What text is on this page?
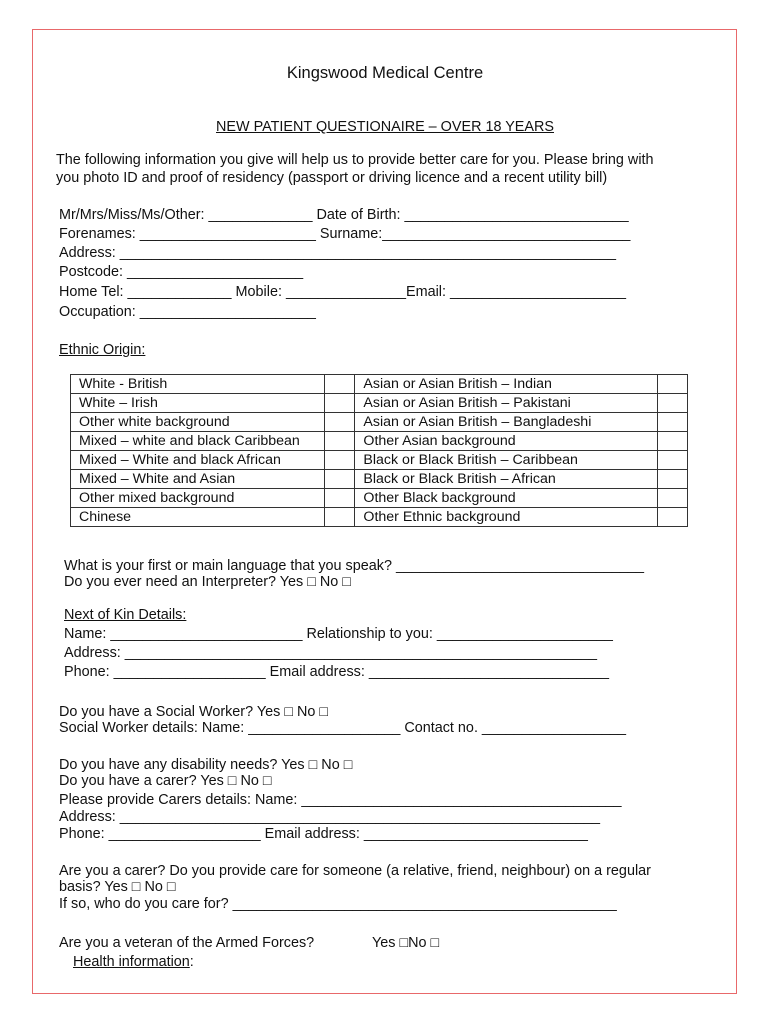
Kingswood Medical Centre
NEW PATIENT QUESTIONAIRE – OVER 18 YEARS
The following information you give will help us to provide better care for you. Please bring with
you photo ID and proof of residency (passport or driving licence and a recent utility bill)
Mr/Mrs/Miss/Ms/Other: _____________ Date of Birth: ____________________________
Forenames: ______________________ Surname:_______________________________
Address: ______________________________________________________________
Postcode: ______________________
Home Tel: _____________ Mobile: _______________Email: ______________________
Occupation: ______________________
Ethnic Origin:
White - British		Asian or Asian British – Indian	
White – Irish		Asian or Asian British – Pakistani	
Other white background		Asian or Asian British – Bangladeshi	
Mixed – white and black Caribbean		Other Asian background	
Mixed – White and black African		Black or Black British – Caribbean	
Mixed – White and Asian		Black or Black British – African	
Other mixed background		Other Black background	
Chinese		Other Ethnic background	
What is your first or main language that you speak? _______________________________
Do you ever need an Interpreter? Yes □ No □
Next of Kin Details:
Name: ________________________ Relationship to you: ______________________
Address: ___________________________________________________________
Phone: ___________________ Email address: ______________________________
Do you have a Social Worker? Yes □ No □
Social Worker details: Name: ___________________ Contact no. __________________
Do you have any disability needs? Yes □ No □
Do you have a carer? Yes □ No □
Please provide Carers details: Name: ________________________________________
Address: ____________________________________________________________
Phone: ___________________ Email address: ____________________________
Are you a carer? Do you provide care for someone (a relative, friend, neighbour) on a regular
basis? Yes □ No □
If so, who do you care for? ________________________________________________
Are you a veteran of the Armed Forces?	Yes □No □
Health information:
